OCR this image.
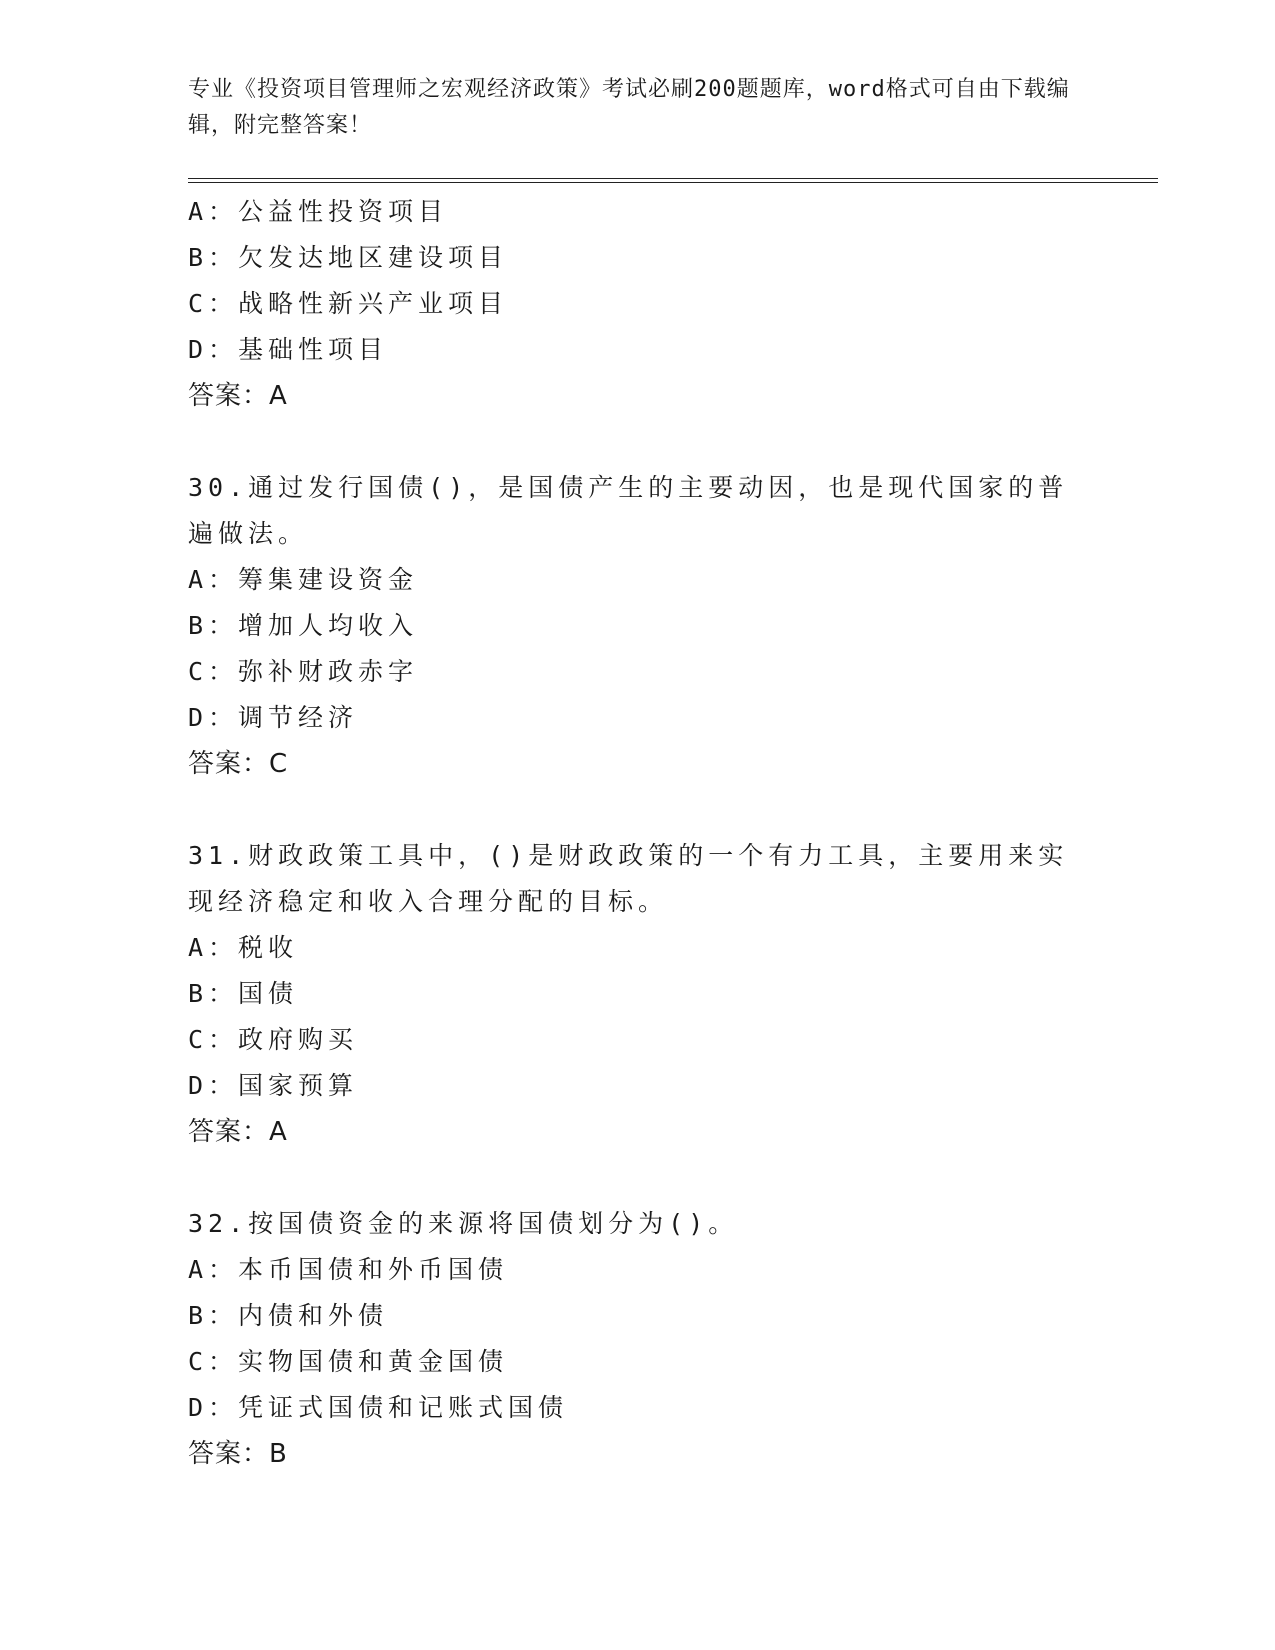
专业《投资项目管理师之宏观经济政策》考试必刷200题题库，word格式可自由下载编辑，附完整答案！
A：公益性投资项目
B：欠发达地区建设项目
C：战略性新兴产业项目
D：基础性项目
答案：A
30.通过发行国债()，是国债产生的主要动因，也是现代国家的普遍做法。
A：筹集建设资金
B：增加人均收入
C：弥补财政赤字
D：调节经济
答案：C
31.财政政策工具中，()是财政政策的一个有力工具，主要用来实现经济稳定和收入合理分配的目标。
A：税收
B：国债
C：政府购买
D：国家预算
答案：A
32.按国债资金的来源将国债划分为()。
A：本币国债和外币国债
B：内债和外债
C：实物国债和黄金国债
D：凭证式国债和记账式国债
答案：B
